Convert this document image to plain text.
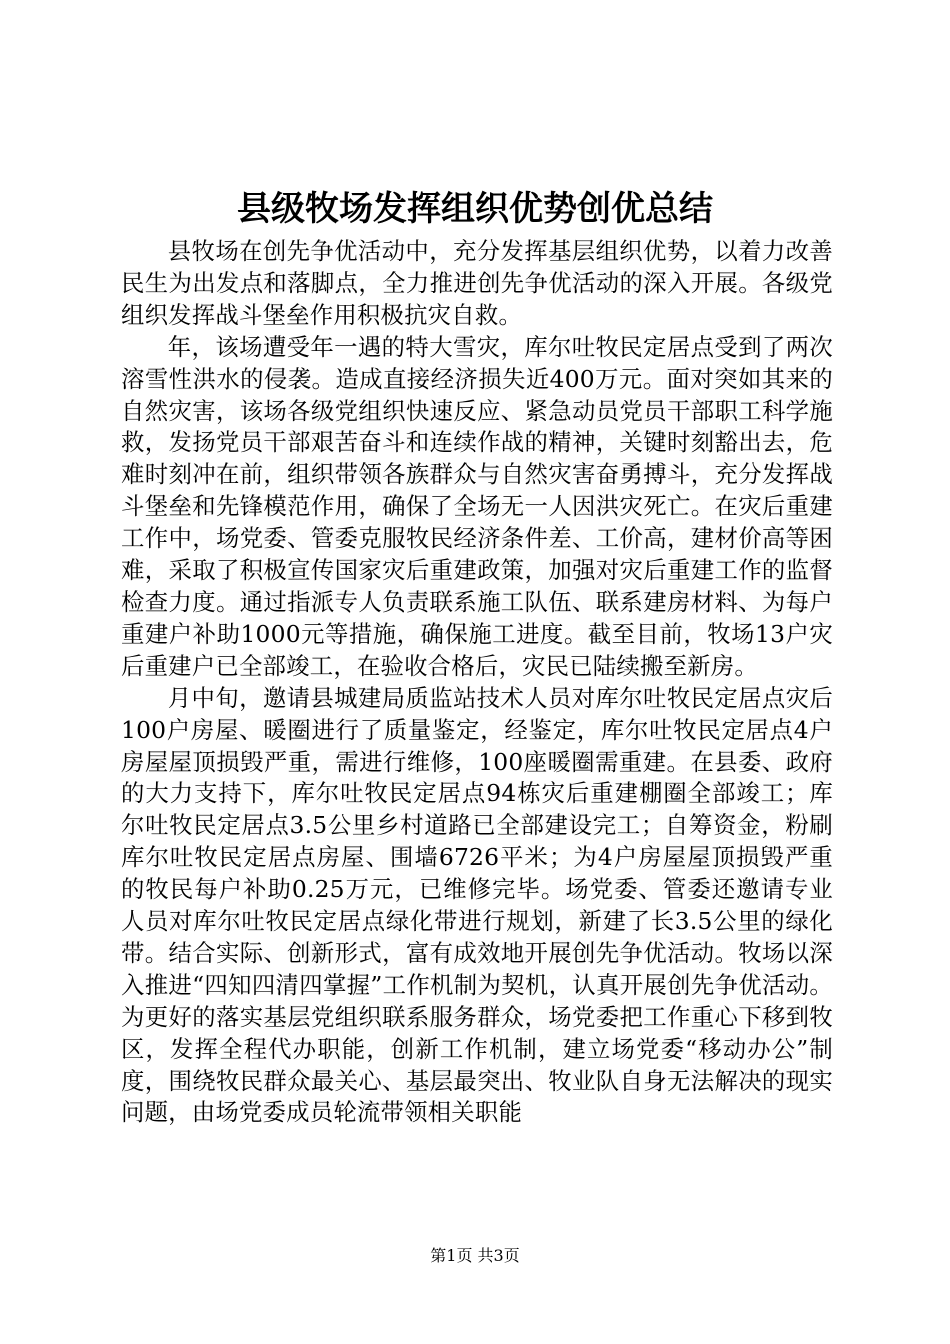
县级牧场发挥组织优势创优总结

县牧场在创先争优活动中，充分发挥基层组织优势，以着力改善民生为出发点和落脚点，全力推进创先争优活动的深入开展。各级党组织发挥战斗堡垒作用积极抗灾自救。

年，该场遭受年一遇的特大雪灾，库尔吐牧民定居点受到了两次溶雪性洪水的侵袭。造成直接经济损失近400万元。面对突如其来的自然灾害，该场各级党组织快速反应、紧急动员党员干部职工科学施救，发扬党员干部艰苦奋斗和连续作战的精神，关键时刻豁出去，危难时刻冲在前，组织带领各族群众与自然灾害奋勇搏斗，充分发挥战斗堡垒和先锋模范作用，确保了全场无一人因洪灾死亡。在灾后重建工作中，场党委、管委克服牧民经济条件差、工价高，建材价高等困难，采取了积极宣传国家灾后重建政策，加强对灾后重建工作的监督检查力度。通过指派专人负责联系施工队伍、联系建房材料、为每户重建户补助1000元等措施，确保施工进度。截至目前，牧场13户灾后重建户已全部竣工，在验收合格后，灾民已陆续搬至新房。

月中旬，邀请县城建局质监站技术人员对库尔吐牧民定居点灾后100户房屋、暖圈进行了质量鉴定，经鉴定，库尔吐牧民定居点4户房屋屋顶损毁严重，需进行维修，100座暖圈需重建。在县委、政府的大力支持下，库尔吐牧民定居点94栋灾后重建棚圈全部竣工；库尔吐牧民定居点3.5公里乡村道路已全部建设完工；自筹资金，粉刷库尔吐牧民定居点房屋、围墙6726平米；为4户房屋屋顶损毁严重的牧民每户补助0.25万元，已维修完毕。场党委、管委还邀请专业人员对库尔吐牧民定居点绿化带进行规划，新建了长3.5公里的绿化带。结合实际、创新形式，富有成效地开展创先争优活动。牧场以深入推进“四知四清四掌握”工作机制为契机，认真开展创先争优活动。为更好的落实基层党组织联系服务群众，场党委把工作重心下移到牧区，发挥全程代办职能，创新工作机制，建立场党委“移动办公”制度，围绕牧民群众最关心、基层最突出、牧业队自身无法解决的现实问题，由场党委成员轮流带领相关职能

第1页 共3页
